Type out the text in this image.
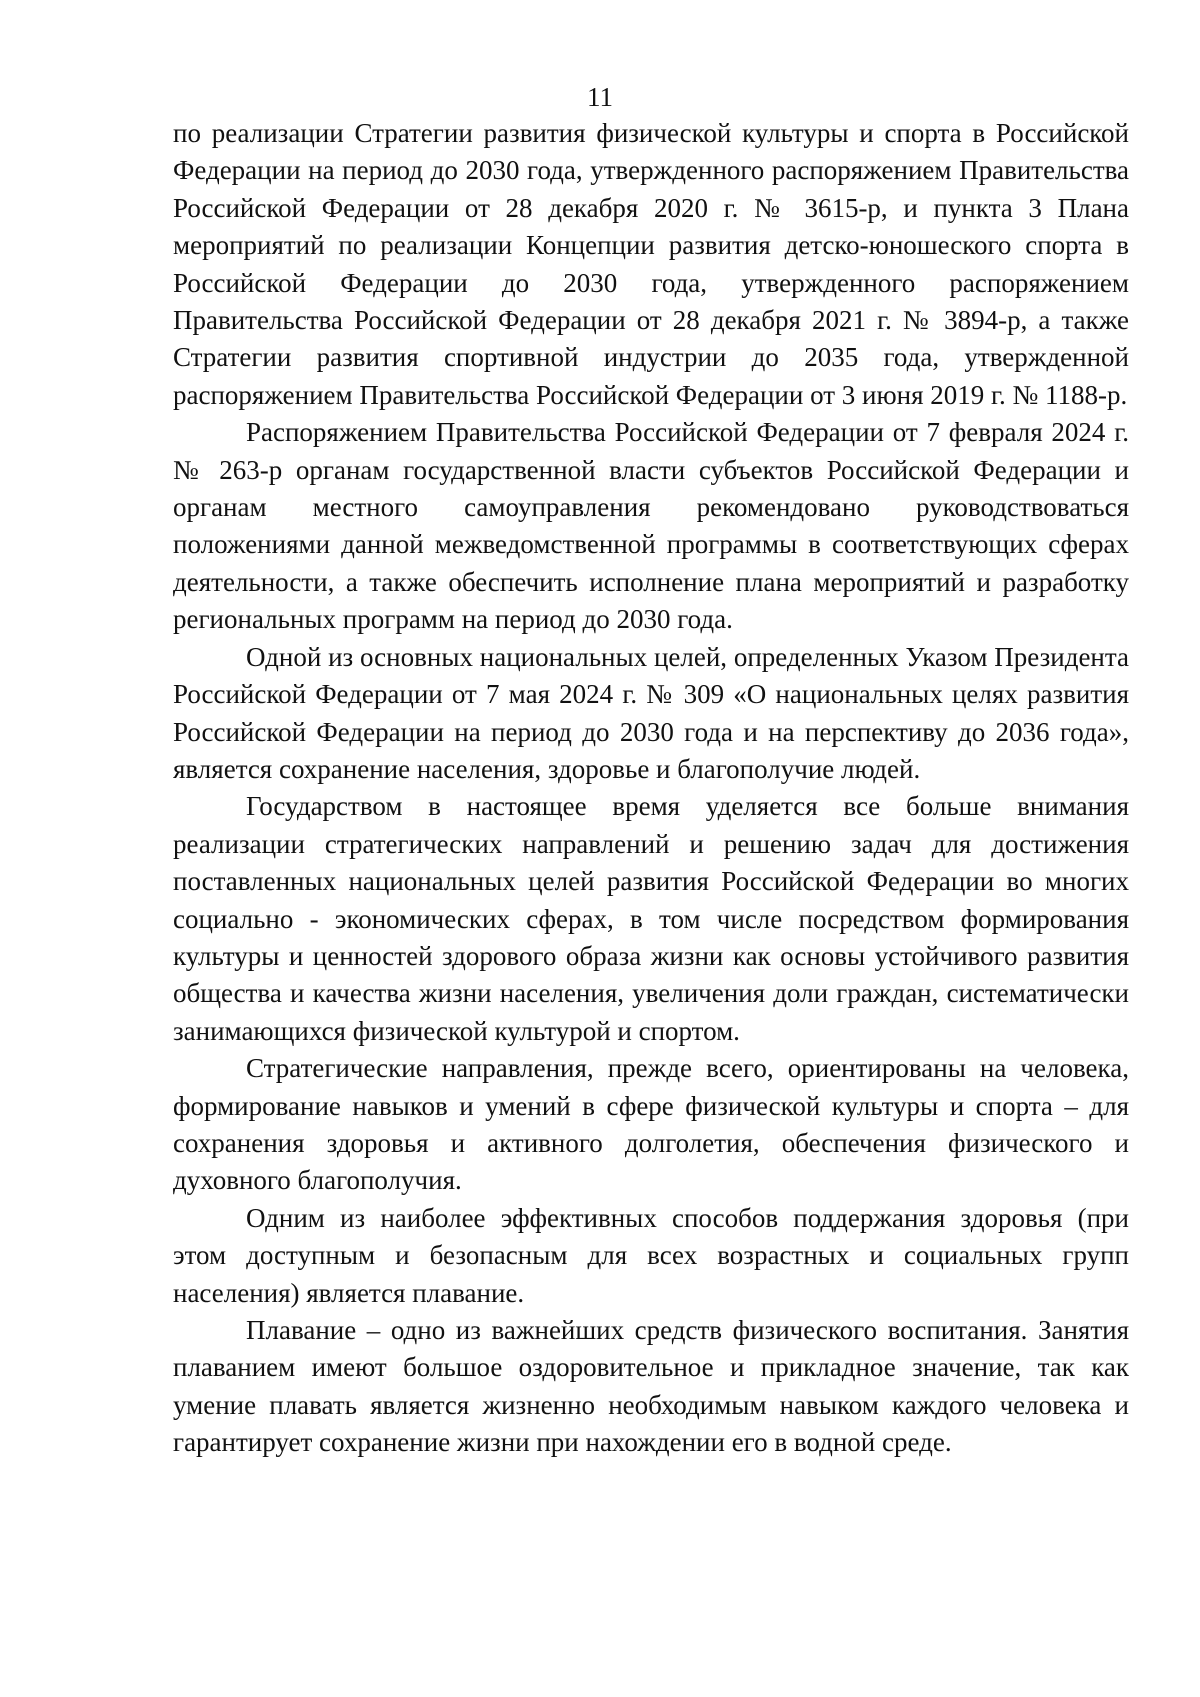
11

по реализации Стратегии развития физической культуры и спорта в Российской Федерации на период до 2030 года, утвержденного распоряжением Правительства Российской Федерации от 28 декабря 2020 г. № 3615-р, и пункта 3 Плана мероприятий по реализации Концепции развития детско-юношеского спорта в Российской Федерации до 2030 года, утвержденного распоряжением Правительства Российской Федерации от 28 декабря 2021 г. № 3894-р, а также Стратегии развития спортивной индустрии до 2035 года, утвержденной распоряжением Правительства Российской Федерации от 3 июня 2019 г. № 1188-р.

Распоряжением Правительства Российской Федерации от 7 февраля 2024 г. № 263-р органам государственной власти субъектов Российской Федерации и органам местного самоуправления рекомендовано руководствоваться положениями данной межведомственной программы в соответствующих сферах деятельности, а также обеспечить исполнение плана мероприятий и разработку региональных программ на период до 2030 года.

Одной из основных национальных целей, определенных Указом Президента Российской Федерации от 7 мая 2024 г. № 309 «О национальных целях развития Российской Федерации на период до 2030 года и на перспективу до 2036 года», является сохранение населения, здоровье и благополучие людей.

Государством в настоящее время уделяется все больше внимания реализации стратегических направлений и решению задач для достижения поставленных национальных целей развития Российской Федерации во многих социально - экономических сферах, в том числе посредством формирования культуры и ценностей здорового образа жизни как основы устойчивого развития общества и качества жизни населения, увеличения доли граждан, систематически занимающихся физической культурой и спортом.

Стратегические направления, прежде всего, ориентированы на человека, формирование навыков и умений в сфере физической культуры и спорта – для сохранения здоровья и активного долголетия, обеспечения физического и духовного благополучия.

Одним из наиболее эффективных способов поддержания здоровья (при этом доступным и безопасным для всех возрастных и социальных групп населения) является плавание.

Плавание – одно из важнейших средств физического воспитания. Занятия плаванием имеют большое оздоровительное и прикладное значение, так как умение плавать является жизненно необходимым навыком каждого человека и гарантирует сохранение жизни при нахождении его в водной среде.
